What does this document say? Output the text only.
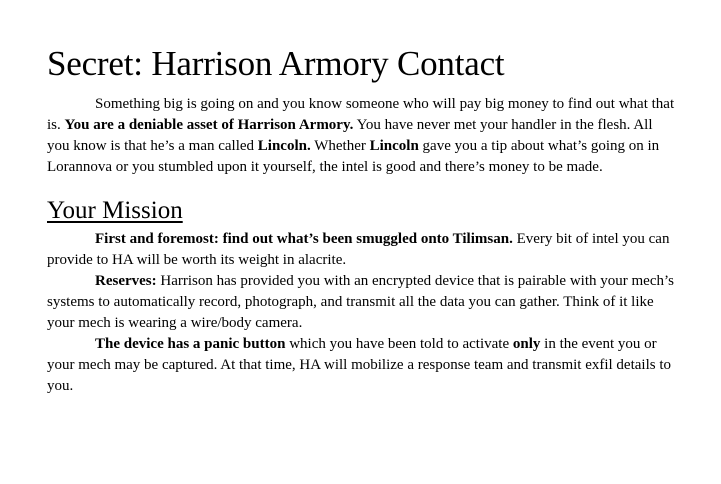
Secret: Harrison Armory Contact

Something big is going on and you know someone who will pay big money to find out what that is. You are a deniable asset of Harrison Armory. You have never met your handler in the flesh. All you know is that he’s a man called Lincoln. Whether Lincoln gave you a tip about what’s going on in Lorannova or you stumbled upon it yourself, the intel is good and there’s money to be made.

Your Mission

First and foremost: find out what’s been smuggled onto Tilimsan. Every bit of intel you can provide to HA will be worth its weight in alacrite.

Reserves: Harrison has provided you with an encrypted device that is pairable with your mech’s systems to automatically record, photograph, and transmit all the data you can gather. Think of it like your mech is wearing a wire/body camera.

The device has a panic button which you have been told to activate only in the event you or your mech may be captured. At that time, HA will mobilize a response team and transmit exfil details to you.
